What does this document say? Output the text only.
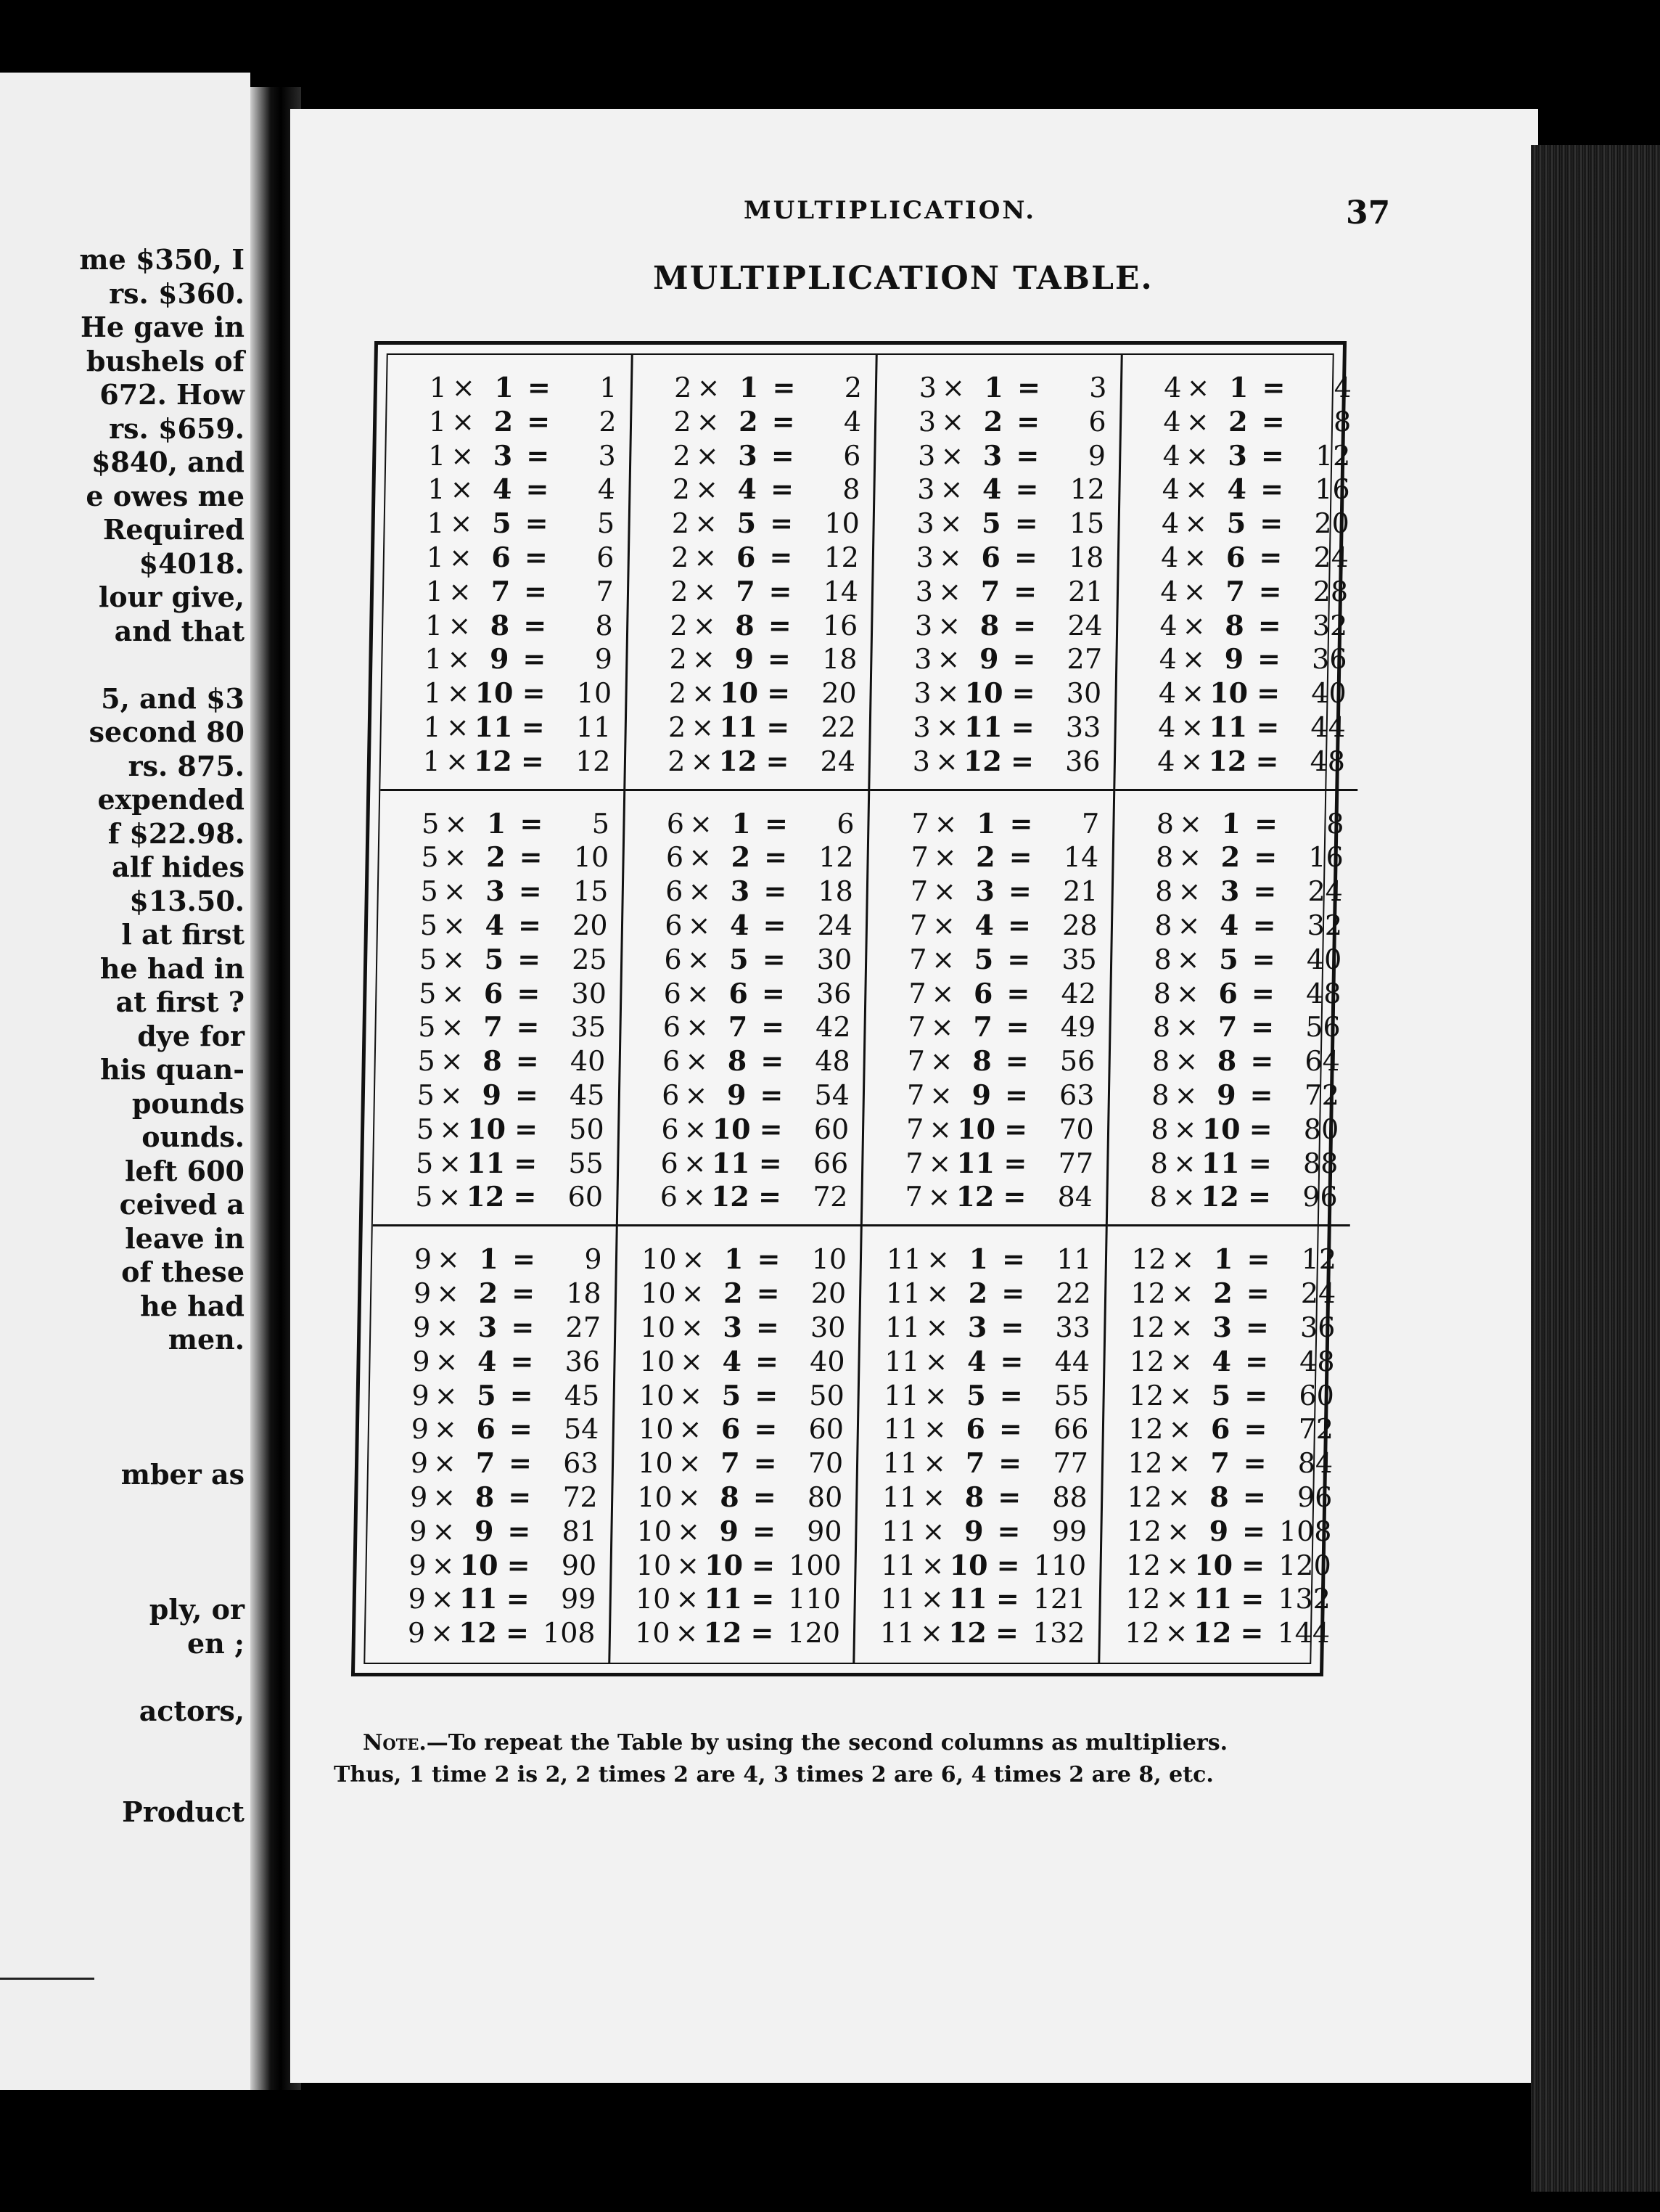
me $350, I
rs. $360.
He gave in
bushels of
672. How
rs. $659.
$840, and
e owes me
Required
$4018.
lour give,
and that

5, and $3
second 80
rs. 875.
expended
f $22.98.
alf hides
$13.50.
l at first
he had in
at first ?
dye for
his quan-
pounds
ounds.
left 600
ceived a
leave in
of these
he had
men.

mber as

ply, or
en ;

actors,

Product
MULTIPLICATION.	37
MULTIPLICATION TABLE.
1 × 1 =	1
1 × 2 =	2
1 × 3 =	3
1 × 4 =	4
1 × 5 =	5
1 × 6 =	6
1 × 7 =	7
1 × 8 =	8
1 × 9 =	9
1 × 10 =	10
1 × 11 =	11
1 × 12 =	12
2 × 1 =	2
2 × 2 =	4
2 × 3 =	6
2 × 4 =	8
2 × 5 =	10
2 × 6 =	12
2 × 7 =	14
2 × 8 =	16
2 × 9 =	18
2 × 10 =	20
2 × 11 =	22
2 × 12 =	24
3 × 1 =	3
3 × 2 =	6
3 × 3 =	9
3 × 4 =	12
3 × 5 =	15
3 × 6 =	18
3 × 7 =	21
3 × 8 =	24
3 × 9 =	27
3 × 10 =	30
3 × 11 =	33
3 × 12 =	36
4 × 1 =	4
4 × 2 =	8
4 × 3 =	12
4 × 4 =	16
4 × 5 =	20
4 × 6 =	24
4 × 7 =	28
4 × 8 =	32
4 × 9 =	36
4 × 10 =	40
4 × 11 =	44
4 × 12 =	48
5 × 1 =	5
5 × 2 =	10
5 × 3 =	15
5 × 4 =	20
5 × 5 =	25
5 × 6 =	30
5 × 7 =	35
5 × 8 =	40
5 × 9 =	45
5 × 10 =	50
5 × 11 =	55
5 × 12 =	60
6 × 1 =	6
6 × 2 =	12
6 × 3 =	18
6 × 4 =	24
6 × 5 =	30
6 × 6 =	36
6 × 7 =	42
6 × 8 =	48
6 × 9 =	54
6 × 10 =	60
6 × 11 =	66
6 × 12 =	72
7 × 1 =	7
7 × 2 =	14
7 × 3 =	21
7 × 4 =	28
7 × 5 =	35
7 × 6 =	42
7 × 7 =	49
7 × 8 =	56
7 × 9 =	63
7 × 10 =	70
7 × 11 =	77
7 × 12 =	84
8 × 1 =	8
8 × 2 =	16
8 × 3 =	24
8 × 4 =	32
8 × 5 =	40
8 × 6 =	48
8 × 7 =	56
8 × 8 =	64
8 × 9 =	72
8 × 10 =	80
8 × 11 =	88
8 × 12 =	96
9 × 1 =	9
9 × 2 =	18
9 × 3 =	27
9 × 4 =	36
9 × 5 =	45
9 × 6 =	54
9 × 7 =	63
9 × 8 =	72
9 × 9 =	81
9 × 10 =	90
9 × 11 =	99
9 × 12 = 108
10 × 1 =	10
10 × 2 =	20
10 × 3 =	30
10 × 4 =	40
10 × 5 =	50
10 × 6 =	60
10 × 7 =	70
10 × 8 =	80
10 × 9 =	90
10 × 10 = 100
10 × 11 = 110
10 × 12 = 120
11 × 1 =	11
11 × 2 =	22
11 × 3 =	33
11 × 4 =	44
11 × 5 =	55
11 × 6 =	66
11 × 7 =	77
11 × 8 =	88
11 × 9 =	99
11 × 10 = 110
11 × 11 = 121
11 × 12 = 132
12 × 1 =	12
12 × 2 =	24
12 × 3 =	36
12 × 4 =	48
12 × 5 =	60
12 × 6 =	72
12 × 7 =	84
12 × 8 =	96
12 × 9 = 108
12 × 10 = 120
12 × 11 = 132
12 × 12 = 144
Note.—To repeat the Table by using the second columns as multipliers.
Thus, 1 time 2 is 2, 2 times 2 are 4, 3 times 2 are 6, 4 times 2 are 8, etc.
